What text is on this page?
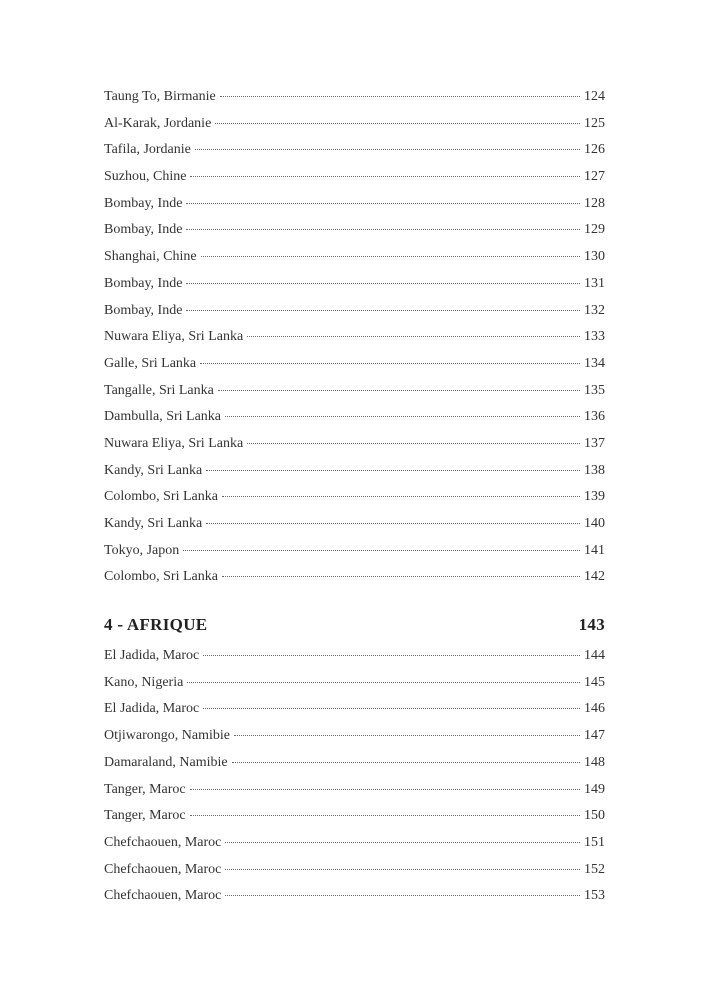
Taung To, Birmanie	124
Al-Karak, Jordanie	125
Tafila, Jordanie	126
Suzhou, Chine	127
Bombay, Inde	128
Bombay, Inde	129
Shanghai, Chine	130
Bombay, Inde	131
Bombay, Inde	132
Nuwara Eliya, Sri Lanka	133
Galle, Sri Lanka	134
Tangalle, Sri Lanka	135
Dambulla, Sri Lanka	136
Nuwara Eliya, Sri Lanka	137
Kandy, Sri Lanka	138
Colombo, Sri Lanka	139
Kandy, Sri Lanka	140
Tokyo, Japon	141
Colombo, Sri Lanka	142
4 - AFRIQUE	143
El Jadida, Maroc	144
Kano, Nigeria	145
El Jadida, Maroc	146
Otjiwarongo, Namibie	147
Damaraland, Namibie	148
Tanger, Maroc	149
Tanger, Maroc	150
Chefchaouen, Maroc	151
Chefchaouen, Maroc	152
Chefchaouen, Maroc	153
